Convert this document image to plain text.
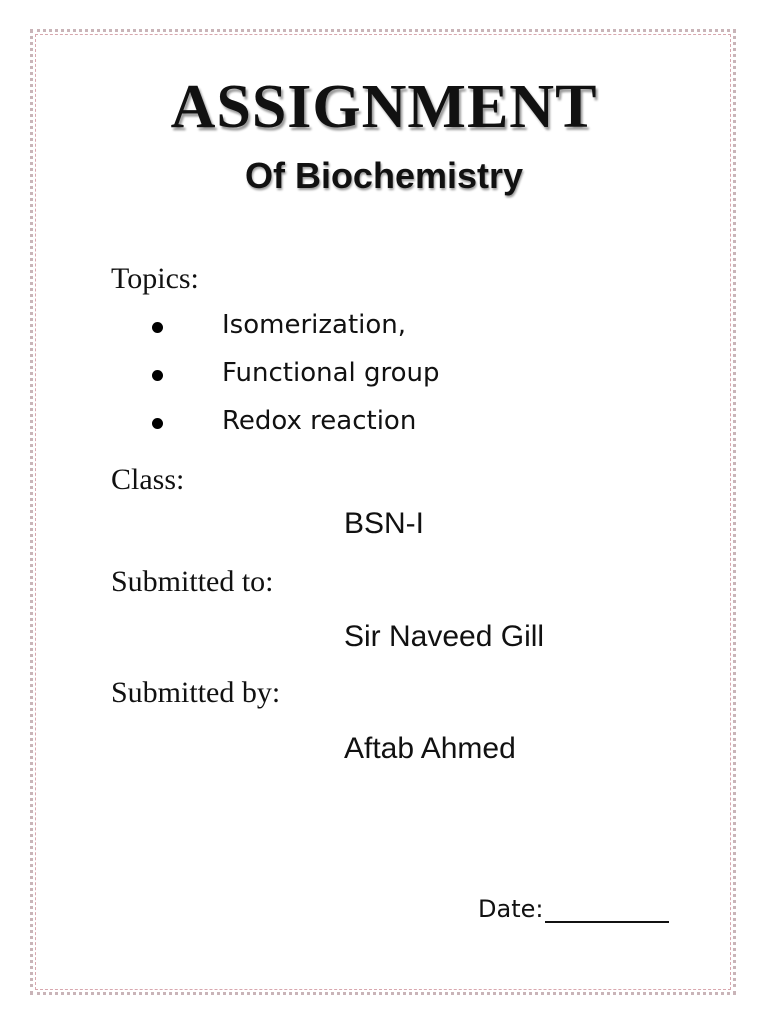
ASSIGNMENT
Of Biochemistry

Topics:

Isomerization,
Functional group
Redox reaction

Class:

BSN-I

Submitted to:

Sir Naveed Gill

Submitted by:

Aftab Ahmed

Date:
